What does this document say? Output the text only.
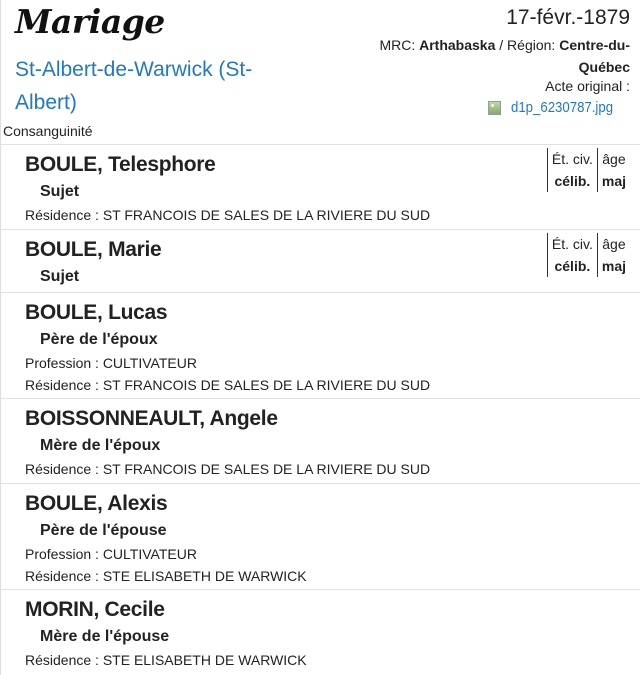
Mariage
St-Albert-de-Warwick (St-Albert)
Consanguinité
17-févr.-1879
MRC: Arthabaska / Région: Centre-du-Québec
Acte original :
d1p_6230787.jpg
BOULE, Telesphore
Sujet
Résidence : ST FRANCOIS DE SALES DE LA RIVIERE DU SUD
Ét. civ.
célib.
âge
maj
BOULE, Marie
Sujet
Ét. civ.
célib.
âge
maj
BOULE, Lucas
Père de l'époux
Profession : CULTIVATEUR
Résidence : ST FRANCOIS DE SALES DE LA RIVIERE DU SUD
BOISSONNEAULT, Angele
Mère de l'époux
Résidence : ST FRANCOIS DE SALES DE LA RIVIERE DU SUD
BOULE, Alexis
Père de l'épouse
Profession : CULTIVATEUR
Résidence : STE ELISABETH DE WARWICK
MORIN, Cecile
Mère de l'épouse
Résidence : STE ELISABETH DE WARWICK
